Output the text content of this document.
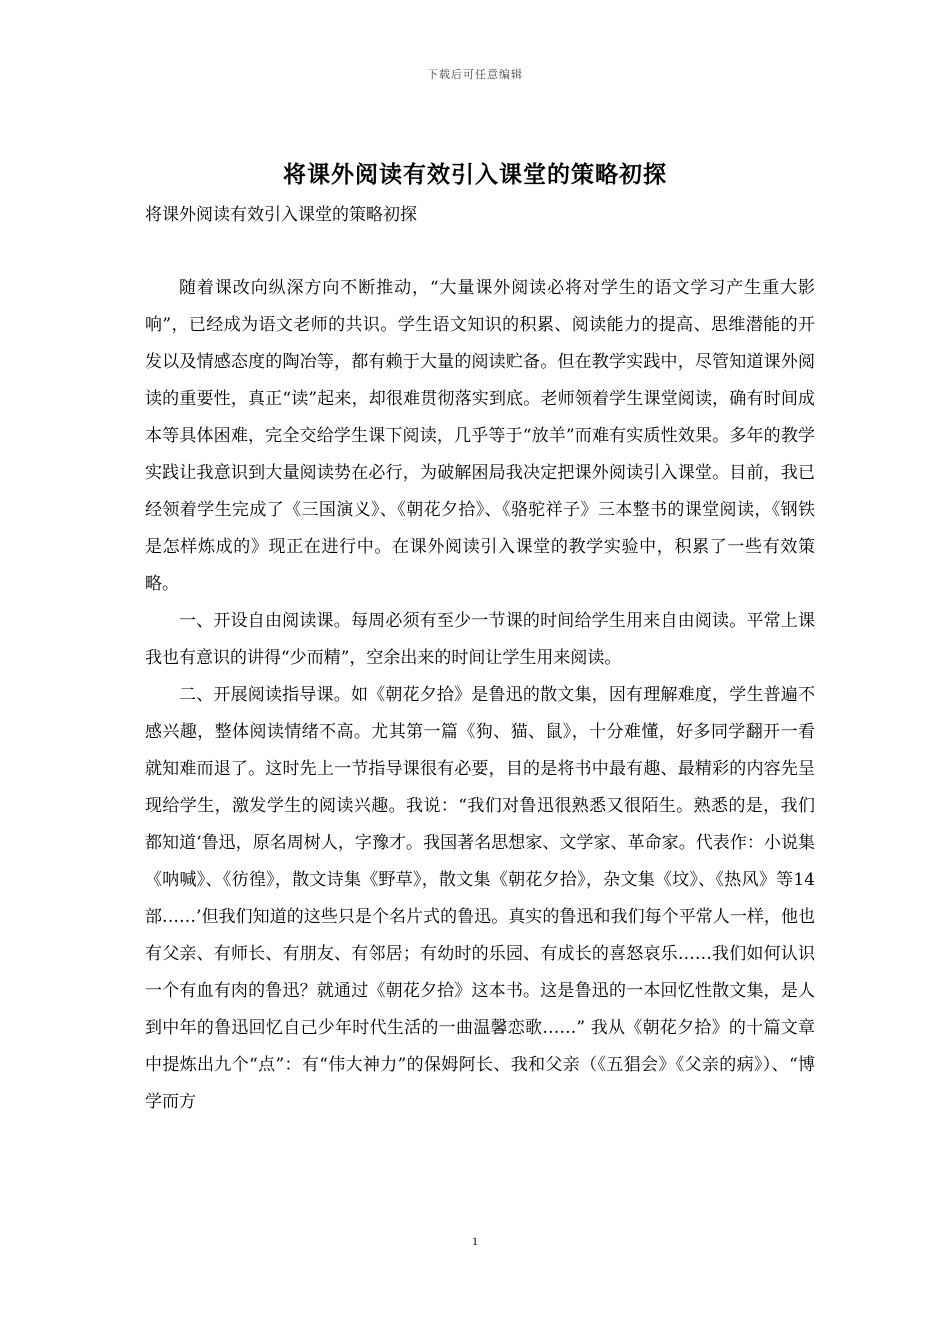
下载后可任意编辑
将课外阅读有效引入课堂的策略初探
将课外阅读有效引入课堂的策略初探

随着课改向纵深方向不断推动，“大量课外阅读必将对学生的语文学习产生重大影响”，已经成为语文老师的共识。学生语文知识的积累、阅读能力的提高、思维潜能的开发以及情感态度的陶冶等，都有赖于大量的阅读贮备。但在教学实践中，尽管知道课外阅读的重要性，真正“读”起来，却很难贯彻落实到底。老师领着学生课堂阅读，确有时间成本等具体困难，完全交给学生课下阅读，几乎等于“放羊”而难有实质性效果。多年的教学实践让我意识到大量阅读势在必行，为破解困局我决定把课外阅读引入课堂。目前，我已经领着学生完成了《三国演义》、《朝花夕拾》、《骆驼祥子》三本整书的课堂阅读，《钢铁是怎样炼成的》现正在进行中。在课外阅读引入课堂的教学实验中，积累了一些有效策略。

一、开设自由阅读课。每周必须有至少一节课的时间给学生用来自由阅读。平常上课我也有意识的讲得“少而精”，空余出来的时间让学生用来阅读。

二、开展阅读指导课。如《朝花夕拾》是鲁迅的散文集，因有理解难度，学生普遍不感兴趣，整体阅读情绪不高。尤其第一篇《狗、猫、鼠》，十分难懂，好多同学翻开一看就知难而退了。这时先上一节指导课很有必要，目的是将书中最有趣、最精彩的内容先呈现给学生，激发学生的阅读兴趣。我说：“我们对鲁迅很熟悉又很陌生。熟悉的是，我们都知道‘鲁迅，原名周树人，字豫才。我国著名思想家、文学家、革命家。代表作：小说集《呐喊》、《彷徨》，散文诗集《野草》，散文集《朝花夕拾》，杂文集《坟》、《热风》等14部……’但我们知道的这些只是个名片式的鲁迅。真实的鲁迅和我们每个平常人一样，他也有父亲、有师长、有朋友、有邻居；有幼时的乐园、有成长的喜怒哀乐……我们如何认识一个有血有肉的鲁迅？就通过《朝花夕拾》这本书。这是鲁迅的一本回忆性散文集，是人到中年的鲁迅回忆自己少年时代生活的一曲温馨恋歌……” 我从《朝花夕拾》的十篇文章中提炼出九个“点”：有“伟大神力”的保姆阿长、我和父亲（《五猖会》《父亲的病》）、“博学而方

1
